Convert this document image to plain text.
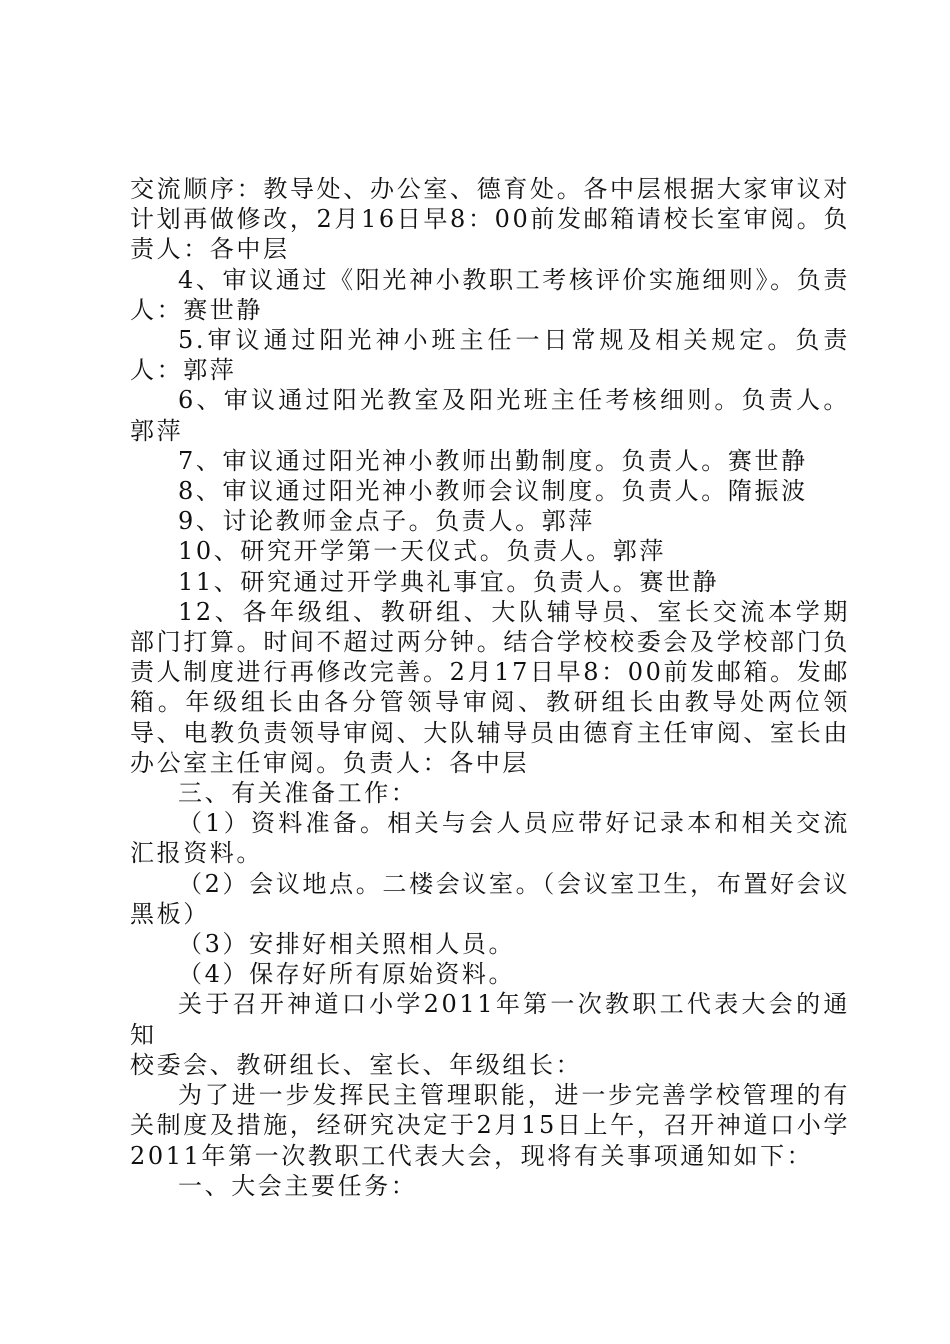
交流顺序：教导处、办公室、德育处。各中层根据大家审议对计划再做修改，2月16日早8：00前发邮箱请校长室审阅。负责人：各中层

4、审议通过《阳光神小教职工考核评价实施细则》。负责人：赛世静

5.审议通过阳光神小班主任一日常规及相关规定。负责人：郭萍

6、审议通过阳光教室及阳光班主任考核细则。负责人。郭萍

7、审议通过阳光神小教师出勤制度。负责人。赛世静

8、审议通过阳光神小教师会议制度。负责人。隋振波

9、讨论教师金点子。负责人。郭萍

10、研究开学第一天仪式。负责人。郭萍

11、研究通过开学典礼事宜。负责人。赛世静

12、各年级组、教研组、大队辅导员、室长交流本学期部门打算。时间不超过两分钟。结合学校校委会及学校部门负责人制度进行再修改完善。2月17日早8：00前发邮箱。发邮箱。年级组长由各分管领导审阅、教研组长由教导处两位领导、电教负责领导审阅、大队辅导员由德育主任审阅、室长由办公室主任审阅。负责人：各中层

三、有关准备工作：

（1）资料准备。相关与会人员应带好记录本和相关交流汇报资料。

（2）会议地点。二楼会议室。（会议室卫生，布置好会议黑板）

（3）安排好相关照相人员。

（4）保存好所有原始资料。

关于召开神道口小学2011年第一次教职工代表大会的通知

校委会、教研组长、室长、年级组长：

为了进一步发挥民主管理职能，进一步完善学校管理的有关制度及措施，经研究决定于2月15日上午，召开神道口小学2011年第一次教职工代表大会，现将有关事项通知如下：

一、大会主要任务：
